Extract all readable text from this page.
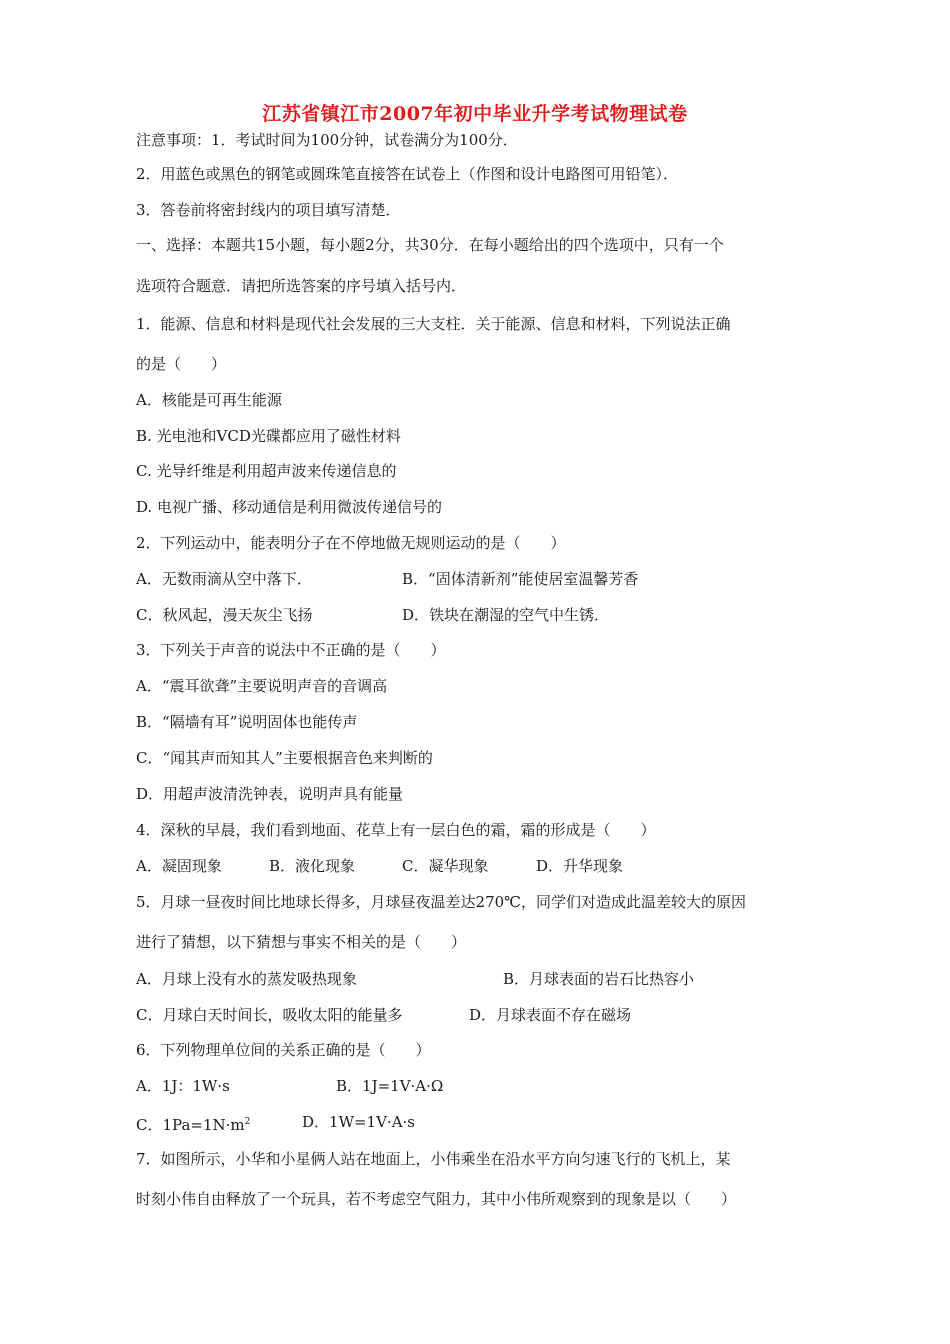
江苏省镇江市2007年初中毕业升学考试物理试卷
注意事项：1．考试时间为100分钟，试卷满分为100分．
2．用蓝色或黑色的钢笔或圆珠笔直接答在试卷上（作图和设计电路图可用铅笔）．
3．答卷前将密封线内的项目填写清楚．
一、选择：本题共15小题，每小题2分，共30分．在每小题给出的四个选项中，只有一个
选项符合题意．请把所选答案的序号填入括号内．
1．能源、信息和材料是现代社会发展的三大支柱．关于能源、信息和材料，下列说法正确
的是（　　）
A．核能是可再生能源
B. 光电池和VCD光碟都应用了磁性材料
C. 光导纤维是利用超声波来传递信息的
D. 电视广播、移动通信是利用微波传递信号的
2．下列运动中，能表明分子在不停地做无规则运动的是（　　）
A．无数雨滴从空中落下．	B．“固体清新剂”能使居室温馨芳香
C．秋风起，漫天灰尘飞扬	D．铁块在潮湿的空气中生锈．
3．下列关于声音的说法中不正确的是（　　）
A．“震耳欲聋”主要说明声音的音调高
B．“隔墙有耳”说明固体也能传声
C．“闻其声而知其人”主要根据音色来判断的
D．用超声波清洗钟表，说明声具有能量
4．深秋的早晨，我们看到地面、花草上有一层白色的霜，霜的形成是（　　）
A．凝固现象	B．液化现象	C．凝华现象	D．升华现象
5．月球一昼夜时间比地球长得多，月球昼夜温差达270℃，同学们对造成此温差较大的原因
进行了猜想，以下猜想与事实不相关的是（　　）
A．月球上没有水的蒸发吸热现象	B．月球表面的岩石比热容小
C．月球白天时间长，吸收太阳的能量多	D．月球表面不存在磁场
6．下列物理单位间的关系正确的是（　　）
A．1J：1W·s	B．1J=1V·A·Ω
C．$1Pa=1N\cdot m^2$	D．1W=1V·A·s
7．如图所示，小华和小星俩人站在地面上，小伟乘坐在沿水平方向匀速飞行的飞机上，某
时刻小伟自由释放了一个玩具，若不考虑空气阻力，其中小伟所观察到的现象是以（　　）
